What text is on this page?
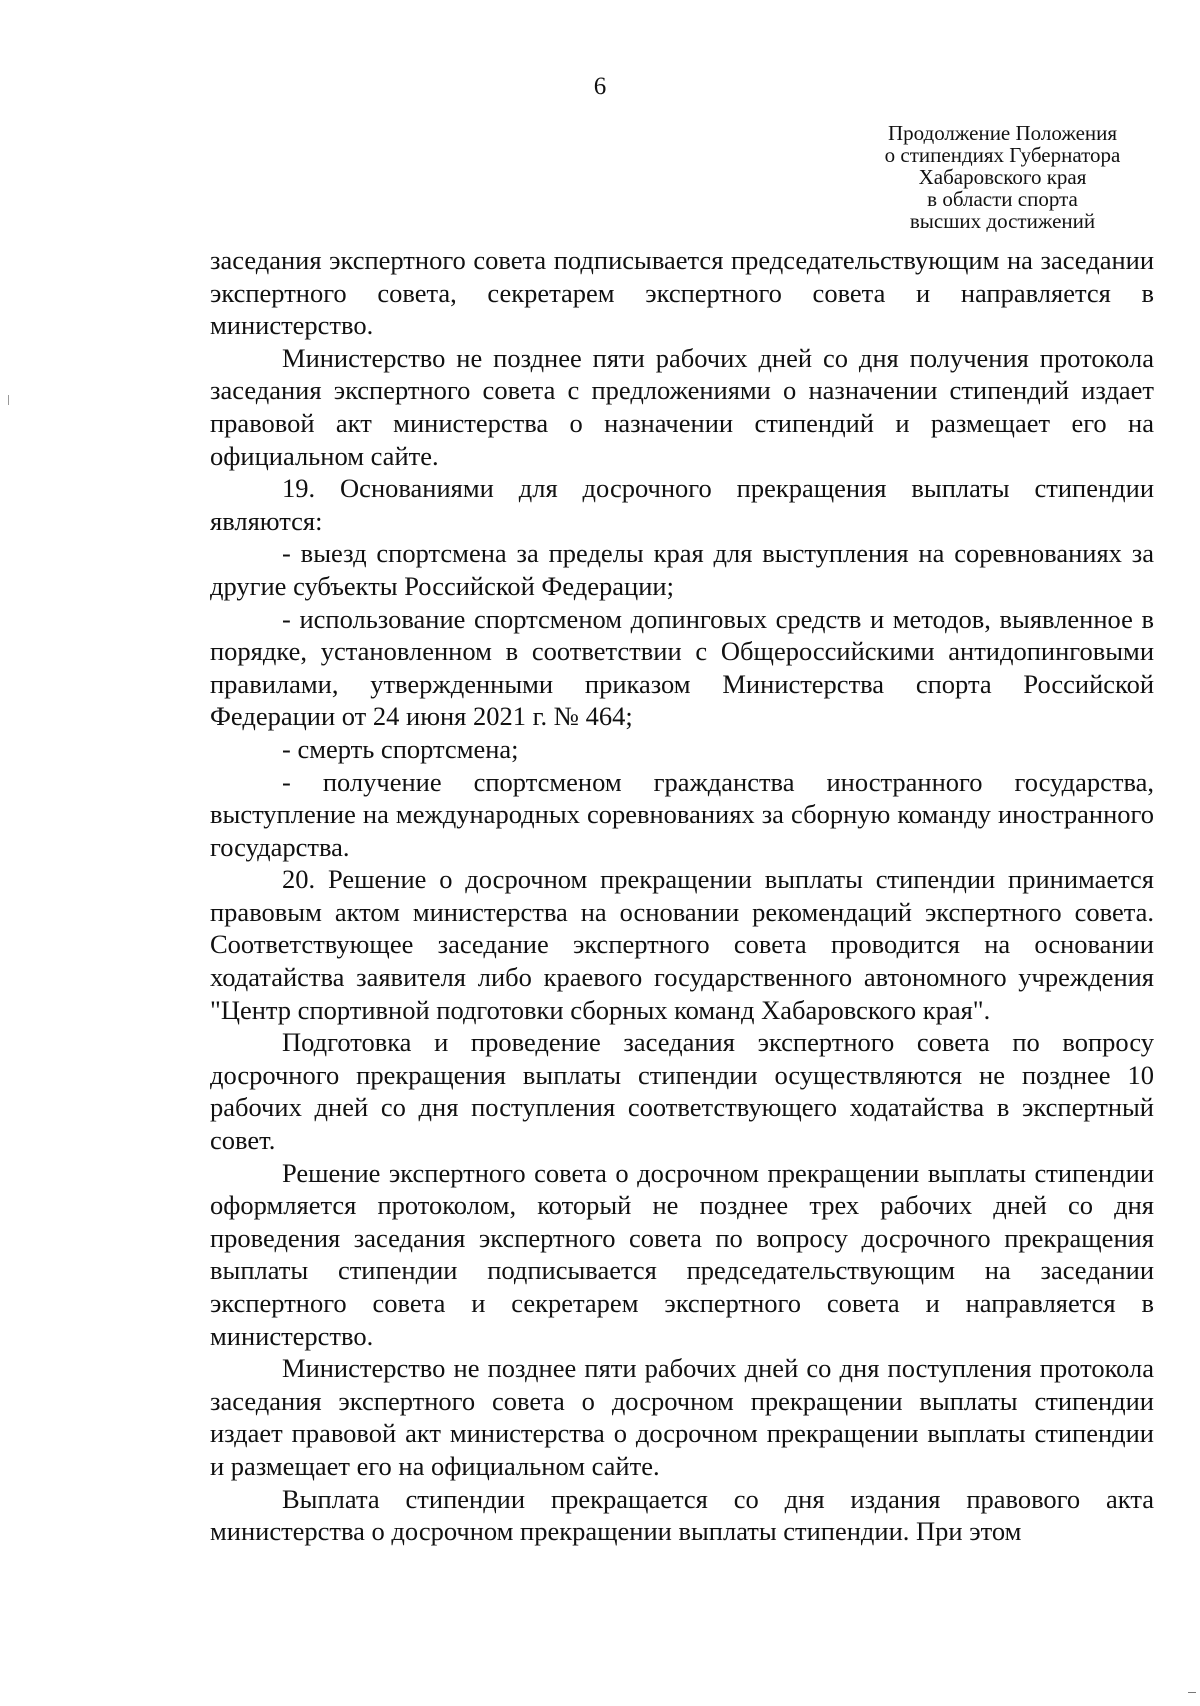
6
Продолжение Положения
о стипендиях Губернатора
Хабаровского края
в области спорта
высших достижений

заседания экспертного совета подписывается председательствующим на заседании экспертного совета, секретарем экспертного совета и направляется в министерство.

Министерство не позднее пяти рабочих дней со дня получения протокола заседания экспертного совета с предложениями о назначении стипендий издает правовой акт министерства о назначении стипендий и размещает его на официальном сайте.

19. Основаниями для досрочного прекращения выплаты стипендии являются:

- выезд спортсмена за пределы края для выступления на соревнованиях за другие субъекты Российской Федерации;

- использование спортсменом допинговых средств и методов, выявленное в порядке, установленном в соответствии с Общероссийскими антидопинговыми правилами, утвержденными приказом Министерства спорта Российской Федерации от 24 июня 2021 г. № 464;

- смерть спортсмена;

- получение спортсменом гражданства иностранного государства, выступление на международных соревнованиях за сборную команду иностранного государства.

20. Решение о досрочном прекращении выплаты стипендии принимается правовым актом министерства на основании рекомендаций экспертного совета. Соответствующее заседание экспертного совета проводится на основании ходатайства заявителя либо краевого государственного автономного учреждения "Центр спортивной подготовки сборных команд Хабаровского края".

Подготовка и проведение заседания экспертного совета по вопросу досрочного прекращения выплаты стипендии осуществляются не позднее 10 рабочих дней со дня поступления соответствующего ходатайства в экспертный совет.

Решение экспертного совета о досрочном прекращении выплаты стипендии оформляется протоколом, который не позднее трех рабочих дней со дня проведения заседания экспертного совета по вопросу досрочного прекращения выплаты стипендии подписывается председательствующим на заседании экспертного совета и секретарем экспертного совета и направляется в министерство.

Министерство не позднее пяти рабочих дней со дня поступления протокола заседания экспертного совета о досрочном прекращении выплаты стипендии издает правовой акт министерства о досрочном прекращении выплаты стипендии и размещает его на официальном сайте.

Выплата стипендии прекращается со дня издания правового акта министерства о досрочном прекращении выплаты стипендии. При этом
